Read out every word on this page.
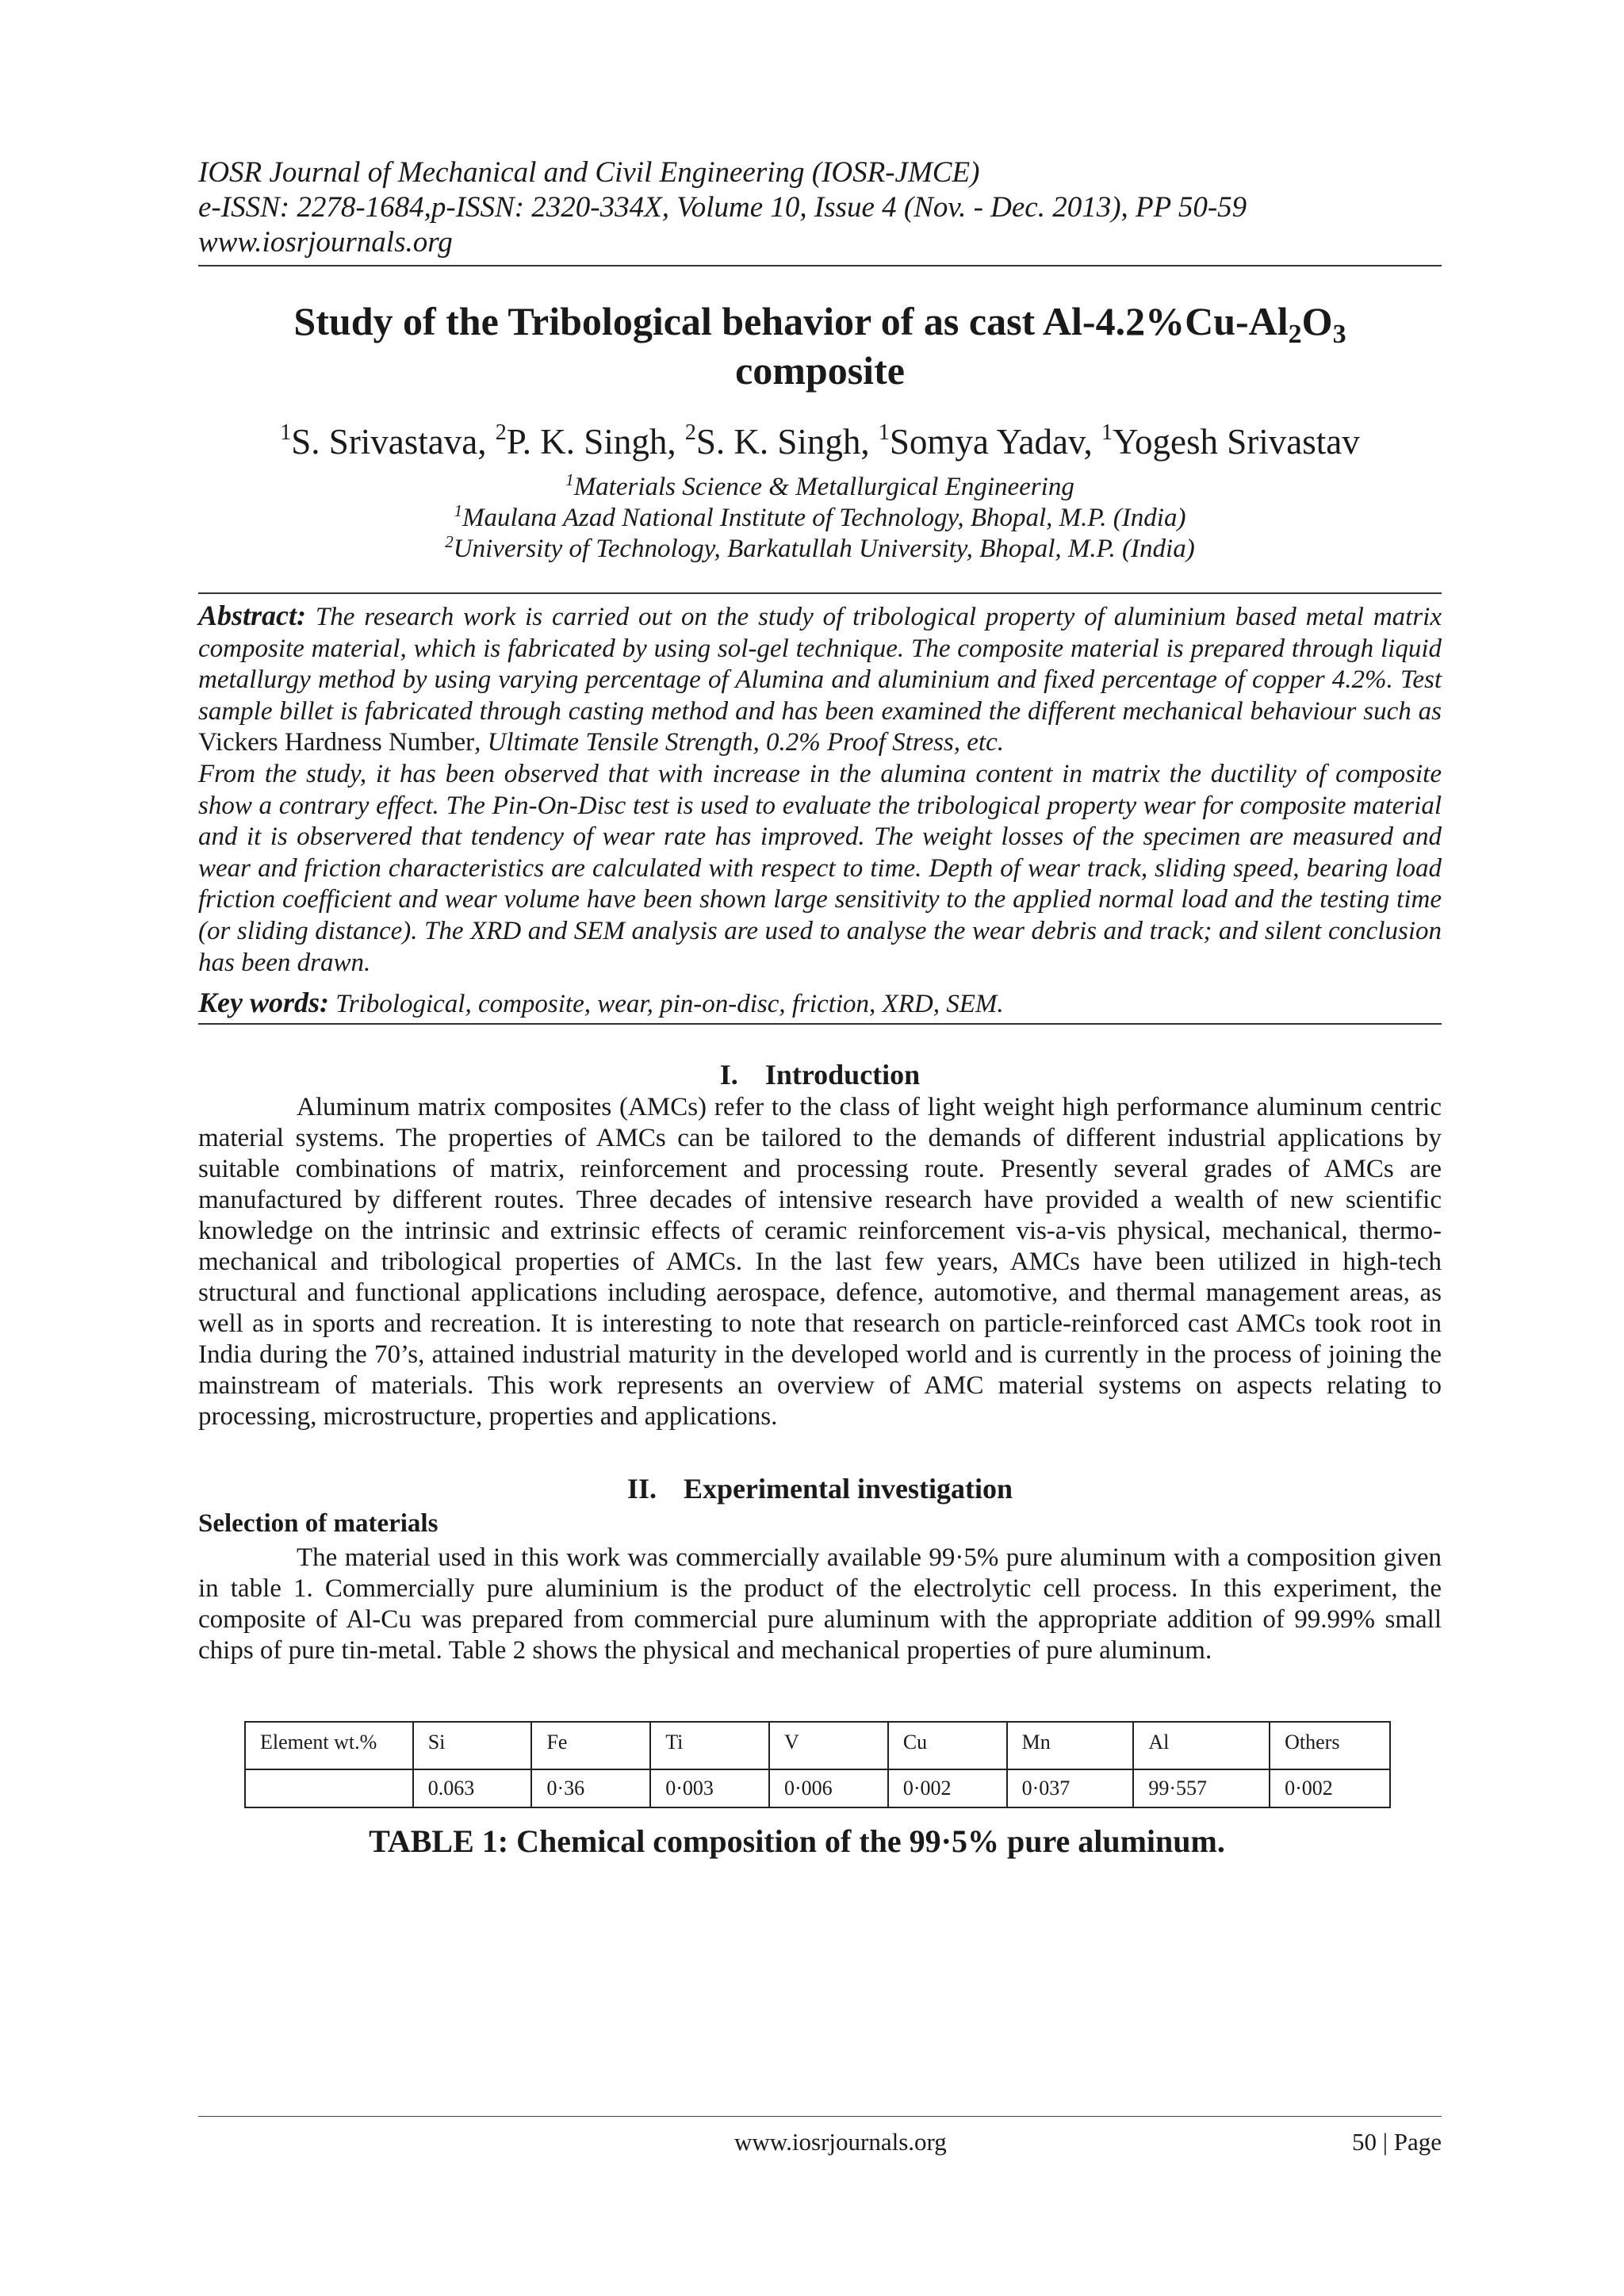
IOSR Journal of Mechanical and Civil Engineering (IOSR-JMCE)
e-ISSN: 2278-1684,p-ISSN: 2320-334X, Volume 10, Issue 4 (Nov. - Dec. 2013), PP 50-59
www.iosrjournals.org
Study of the Tribological behavior of as cast $Al-4.2\%Cu-Al_2O_3$
composite
$^1$S. Srivastava, $^2$P. K. Singh, $^2$S. K. Singh, $^1$Somya Yadav, $^1$Yogesh Srivastav
$^1$Materials Science & Metallurgical Engineering
$^1$Maulana Azad National Institute of Technology, Bhopal, M.P. (India)
$^2$University of Technology, Barkatullah University, Bhopal, M.P. (India)

Abstract: The research work is carried out on the study of tribological property of aluminium based metal matrix composite material, which is fabricated by using sol-gel technique. The composite material is prepared through liquid metallurgy method by using varying percentage of Alumina and aluminium and fixed percentage of copper 4.2%. Test sample billet is fabricated through casting method and has been examined the different mechanical behaviour such as Vickers Hardness Number, Ultimate Tensile Strength, 0.2% Proof Stress, etc.

From the study, it has been observed that with increase in the alumina content in matrix the ductility of composite show a contrary effect. The Pin-On-Disc test is used to evaluate the tribological property wear for composite material and it is observered that tendency of wear rate has improved. The weight losses of the specimen are measured and wear and friction characteristics are calculated with respect to time. Depth of wear track, sliding speed, bearing load friction coefficient and wear volume have been shown large sensitivity to the applied normal load and the testing time (or sliding distance). The XRD and SEM analysis are used to analyse the wear debris and track; and silent conclusion has been drawn.

Key words: Tribological, composite, wear, pin-on-disc, friction, XRD, SEM.
I. Introduction

Aluminum matrix composites (AMCs) refer to the class of light weight high performance aluminum centric material systems. The properties of AMCs can be tailored to the demands of different industrial applications by suitable combinations of matrix, reinforcement and processing route. Presently several grades of AMCs are manufactured by different routes. Three decades of intensive research have provided a wealth of new scientific knowledge on the intrinsic and extrinsic effects of ceramic reinforcement vis-a-vis physical, mechanical, thermo-mechanical and tribological properties of AMCs. In the last few years, AMCs have been utilized in high-tech structural and functional applications including aerospace, defence, automotive, and thermal management areas, as well as in sports and recreation. It is interesting to note that research on particle-reinforced cast AMCs took root in India during the 70’s, attained industrial maturity in the developed world and is currently in the process of joining the mainstream of materials. This work represents an overview of AMC material systems on aspects relating to processing, microstructure, properties and applications.

II. Experimental investigation
Selection of materials

The material used in this work was commercially available 99·5% pure aluminum with a composition given in table 1. Commercially pure aluminium is the product of the electrolytic cell process. In this experiment, the composite of Al-Cu was prepared from commercial pure aluminum with the appropriate addition of 99.99% small chips of pure tin-metal. Table 2 shows the physical and mechanical properties of pure aluminum.

Element wt.%	Si	Fe	Ti	V	Cu	Mn	Al	Others
	0.063	0·36	0·003	0·006	0·002	0·037	99·557	0·002
TABLE 1: Chemical composition of the 99·5% pure aluminum.
www.iosrjournals.org	50 | Page
